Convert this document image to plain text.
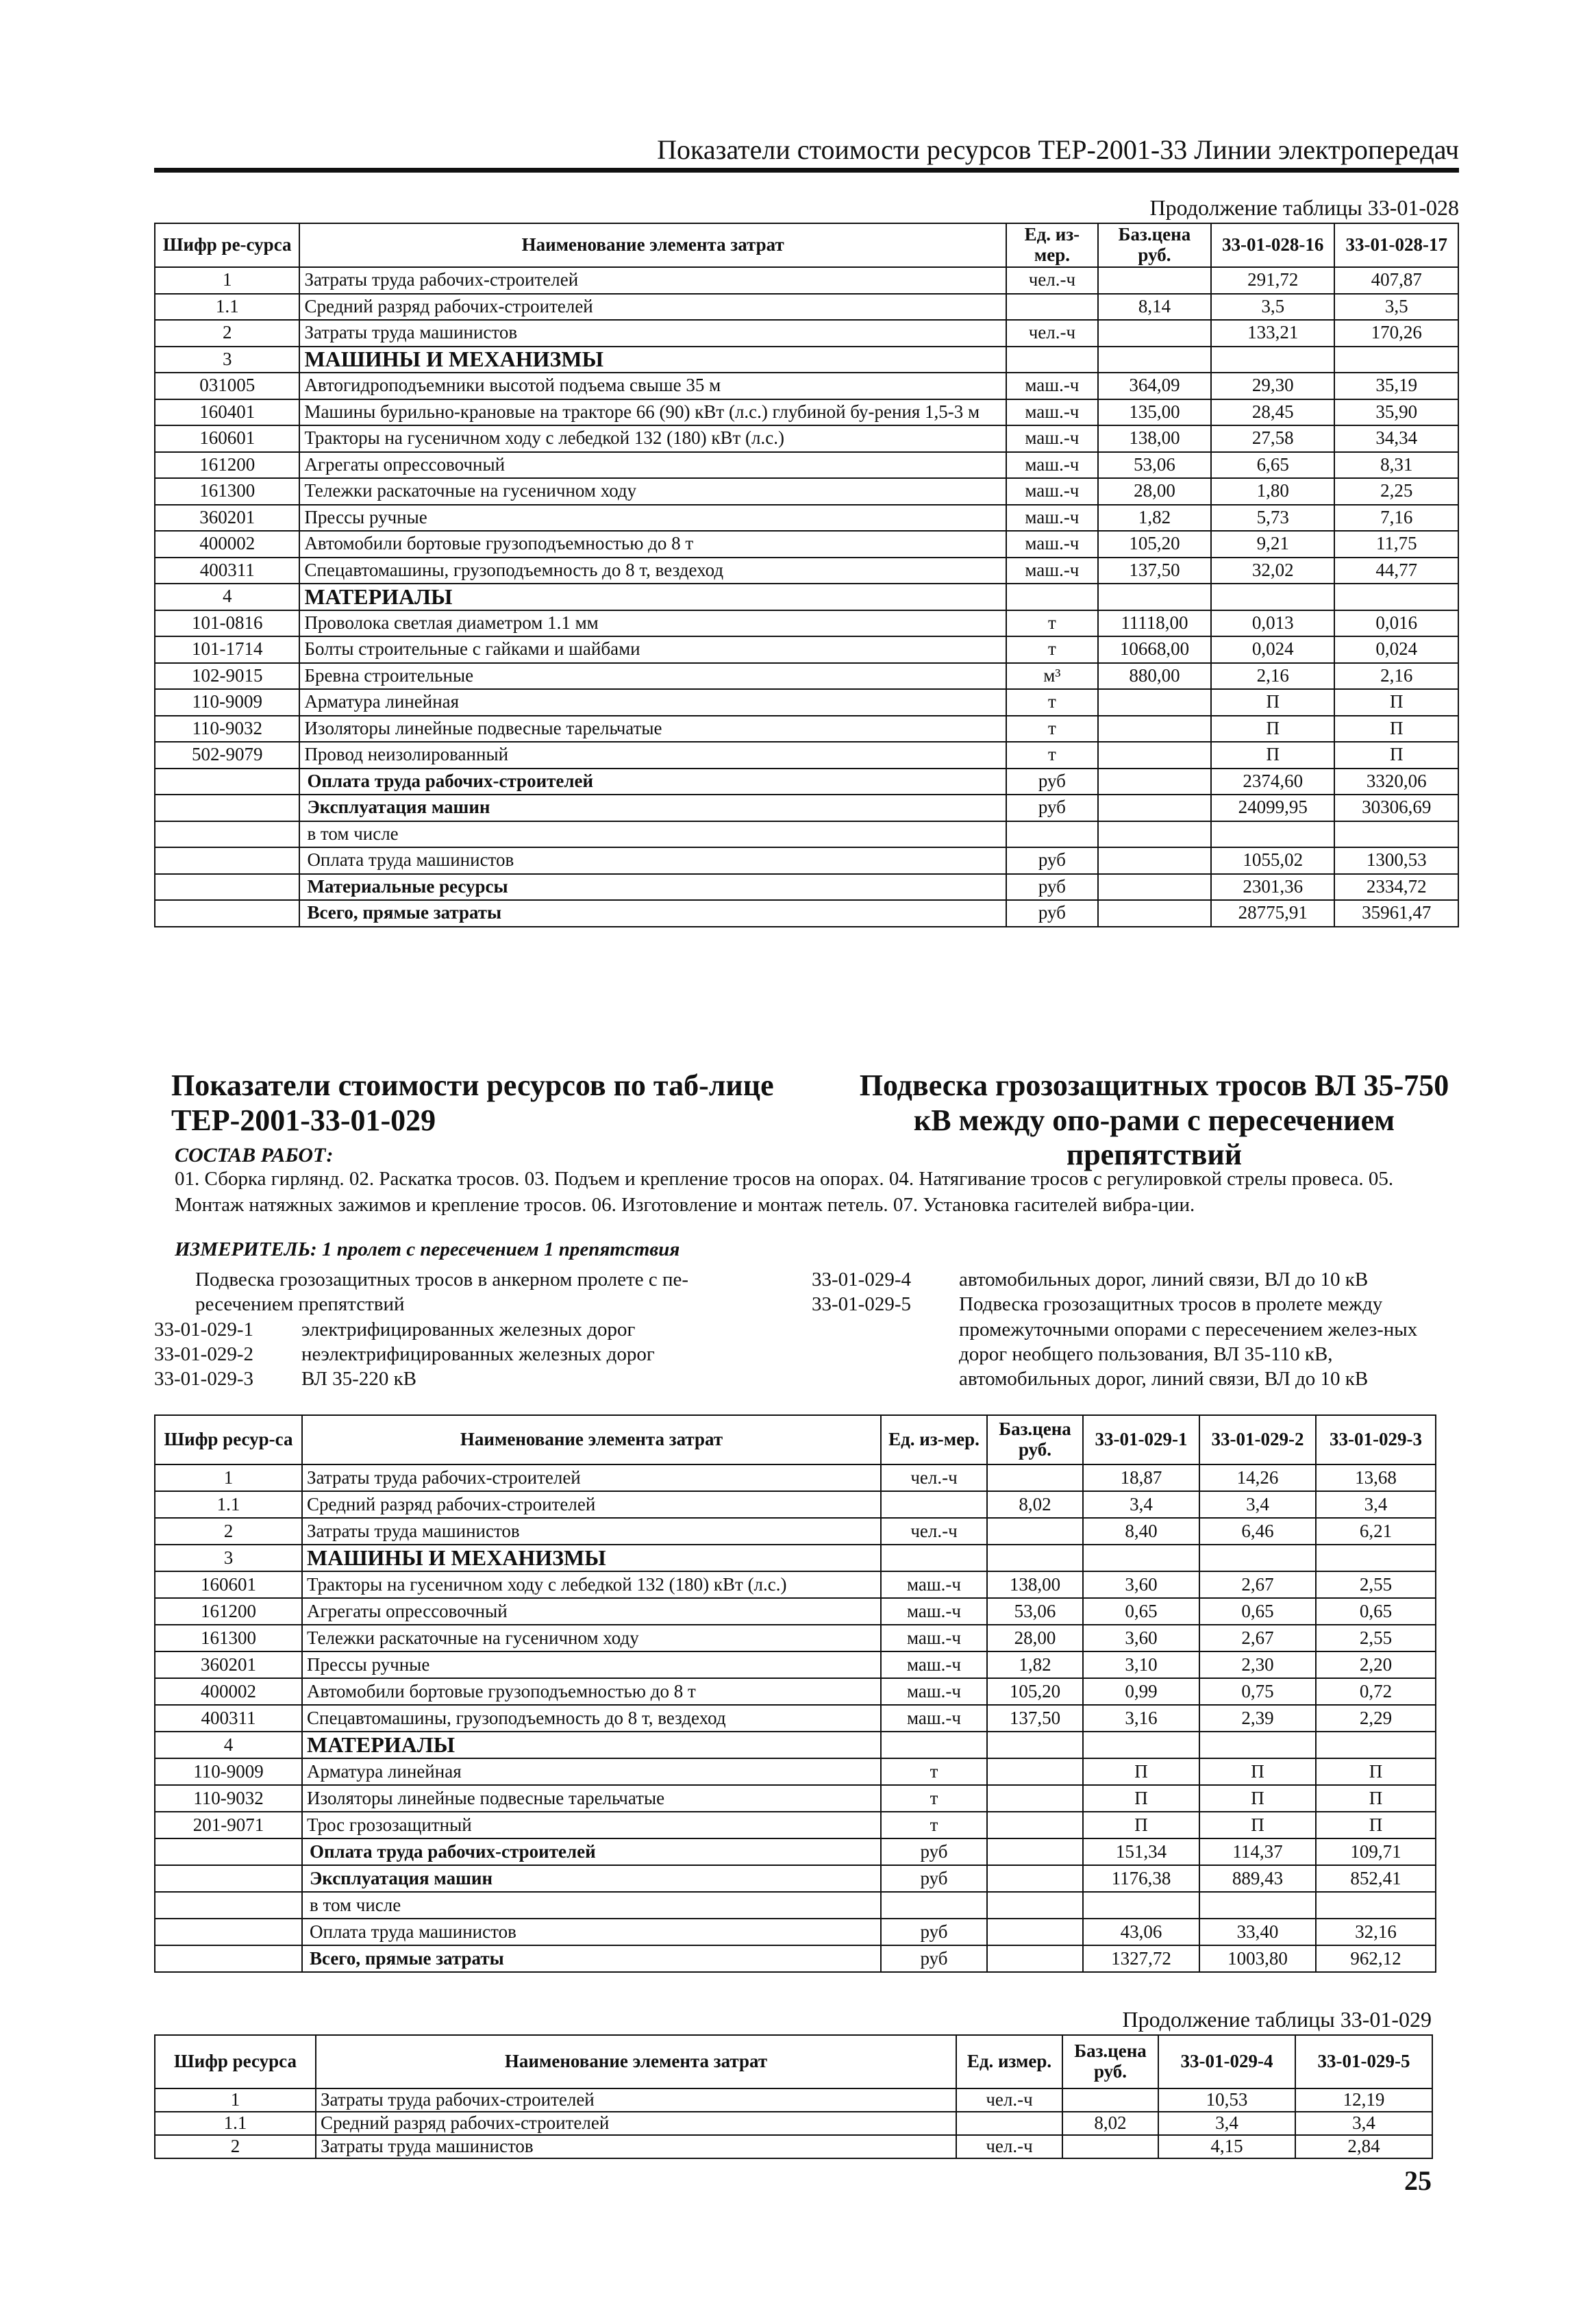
Показатели стоимости ресурсов ТЕР-2001-33 Линии электропередач
Продолжение таблицы 33-01-028
Шифр ре-сурса	Наименование элемента затрат	Ед. из-мер.	Баз.цена руб.	33-01-028-16	33-01-028-17
1	Затраты труда рабочих-строителей	чел.-ч		291,72	407,87
1.1	Средний разряд рабочих-строителей		8,14	3,5	3,5
2	Затраты труда машинистов	чел.-ч		133,21	170,26
3	МАШИНЫ И МЕХАНИЗМЫ				
031005	Автогидроподъемники высотой подъема свыше 35 м	маш.-ч	364,09	29,30	35,19
160401	Машины бурильно-крановые на тракторе 66 (90) кВт (л.с.) глубиной бу-рения 1,5-3 м	маш.-ч	135,00	28,45	35,90
160601	Тракторы на гусеничном ходу с лебедкой 132 (180) кВт (л.с.)	маш.-ч	138,00	27,58	34,34
161200	Агрегаты опрессовочный	маш.-ч	53,06	6,65	8,31
161300	Тележки раскаточные на гусеничном ходу	маш.-ч	28,00	1,80	2,25
360201	Прессы ручные	маш.-ч	1,82	5,73	7,16
400002	Автомобили бортовые грузоподъемностью до 8 т	маш.-ч	105,20	9,21	11,75
400311	Спецавтомашины, грузоподъемность до 8 т, вездеход	маш.-ч	137,50	32,02	44,77
4	МАТЕРИАЛЫ				
101-0816	Проволока светлая диаметром 1.1 мм	т	11118,00	0,013	0,016
101-1714	Болты строительные с гайками и шайбами	т	10668,00	0,024	0,024
102-9015	Бревна строительные	м³	880,00	2,16	2,16
110-9009	Арматура линейная	т		П	П
110-9032	Изоляторы линейные подвесные тарельчатые	т		П	П
502-9079	Провод неизолированный	т		П	П
	Оплата труда рабочих-строителей	руб		2374,60	3320,06
	Эксплуатация машин	руб		24099,95	30306,69
	в том числе				
	Оплата труда машинистов	руб		1055,02	1300,53
	Материальные ресурсы	руб		2301,36	2334,72
	Всего, прямые затраты	руб		28775,91	35961,47
Показатели стоимости ресурсов по таб-лице ТЕР-2001-33-01-029
Подвеска грозозащитных тросов ВЛ 35-750 кВ между опо-рами с пересечением препятствий
СОСТАВ РАБОТ:
01. Сборка гирлянд. 02. Раскатка тросов. 03. Подъем и крепление тросов на опорах. 04. Натягивание тросов с регулировкой стрелы провеса. 05. Монтаж натяжных зажимов и крепление тросов. 06. Изготовление и монтаж петель. 07. Установка гасителей вибра-ции.
ИЗМЕРИТЕЛЬ: 1 пролет с пересечением 1 препятствия
Подвеска грозозащитных тросов в анкерном пролете с пе-ресечением препятствий
33-01-029-1	электрифицированных железных дорог
33-01-029-2	неэлектрифицированных железных дорог
33-01-029-3	ВЛ 35-220 кВ
33-01-029-4	автомобильных дорог, линий связи, ВЛ до 10 кВ
33-01-029-5	Подвеска грозозащитных тросов в пролете между промежуточными опорами с пересечением желез-ных дорог необщего пользования, ВЛ 35-110 кВ, автомобильных дорог, линий связи, ВЛ до 10 кВ
Шифр ресур-са	Наименование элемента затрат	Ед. из-мер.	Баз.цена руб.	33-01-029-1	33-01-029-2	33-01-029-3
1	Затраты труда рабочих-строителей	чел.-ч		18,87	14,26	13,68
1.1	Средний разряд рабочих-строителей		8,02	3,4	3,4	3,4
2	Затраты труда машинистов	чел.-ч		8,40	6,46	6,21
3	МАШИНЫ И МЕХАНИЗМЫ					
160601	Тракторы на гусеничном ходу с лебедкой 132 (180) кВт (л.с.)	маш.-ч	138,00	3,60	2,67	2,55
161200	Агрегаты опрессовочный	маш.-ч	53,06	0,65	0,65	0,65
161300	Тележки раскаточные на гусеничном ходу	маш.-ч	28,00	3,60	2,67	2,55
360201	Прессы ручные	маш.-ч	1,82	3,10	2,30	2,20
400002	Автомобили бортовые грузоподъемностью до 8 т	маш.-ч	105,20	0,99	0,75	0,72
400311	Спецавтомашины, грузоподъемность до 8 т, вездеход	маш.-ч	137,50	3,16	2,39	2,29
4	МАТЕРИАЛЫ					
110-9009	Арматура линейная	т		П	П	П
110-9032	Изоляторы линейные подвесные тарельчатые	т		П	П	П
201-9071	Трос грозозащитный	т		П	П	П
	Оплата труда рабочих-строителей	руб		151,34	114,37	109,71
	Эксплуатация машин	руб		1176,38	889,43	852,41
	в том числе					
	Оплата труда машинистов	руб		43,06	33,40	32,16
	Всего, прямые затраты	руб		1327,72	1003,80	962,12
Продолжение таблицы 33-01-029
Шифр ресурса	Наименование элемента затрат	Ед. измер.	Баз.цена руб.	33-01-029-4	33-01-029-5
1	Затраты труда рабочих-строителей	чел.-ч		10,53	12,19
1.1	Средний разряд рабочих-строителей		8,02	3,4	3,4
2	Затраты труда машинистов	чел.-ч		4,15	2,84
25
